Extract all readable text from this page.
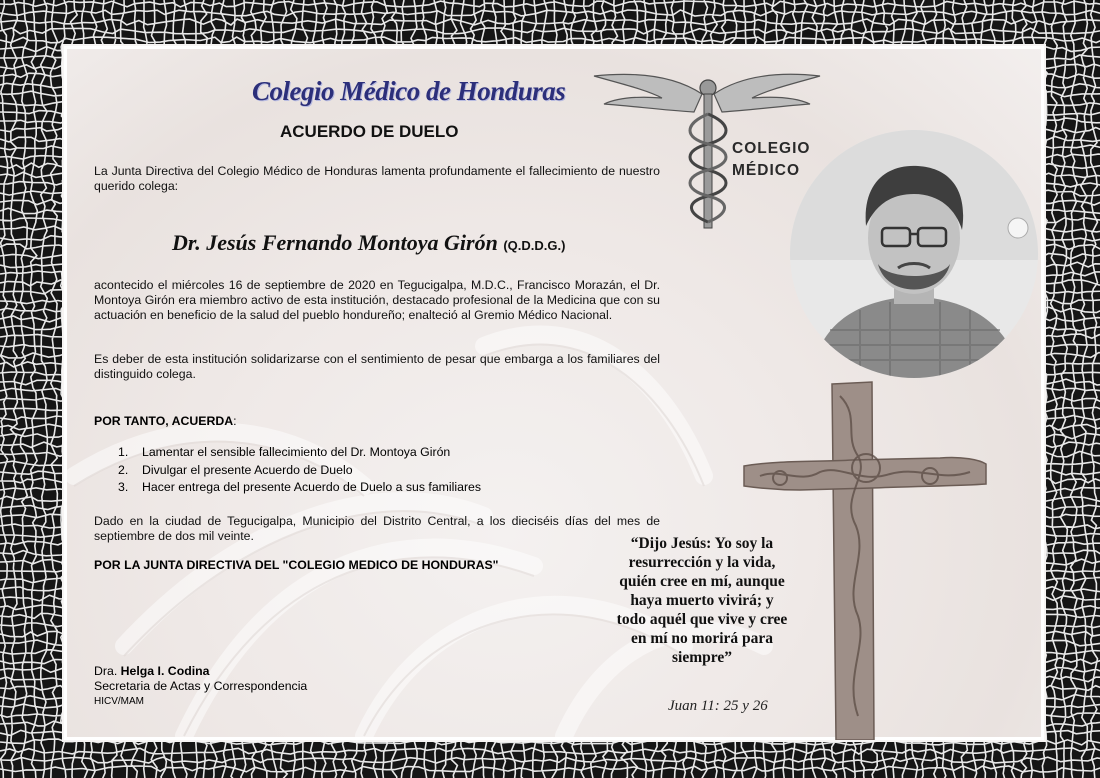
Colegio Médico de Honduras
ACUERDO DE DUELO
COLEGIO
MÉDICO
La Junta Directiva del Colegio Médico de Honduras lamenta profundamente el fallecimiento de nuestro querido colega:
Dr. Jesús Fernando Montoya Girón (Q.D.D.G.)
acontecido el miércoles 16 de septiembre de 2020 en Tegucigalpa, M.D.C., Francisco Morazán, el Dr. Montoya Girón era miembro activo de esta institución, destacado profesional de la Medicina que con su actuación en beneficio de la salud del pueblo hondureño; enalteció al Gremio Médico Nacional.
Es deber de esta institución solidarizarse con el sentimiento de pesar que embarga a los familiares del distinguido colega.
POR TANTO, ACUERDA:
1. Lamentar el sensible fallecimiento del Dr. Montoya Girón
2. Divulgar el presente Acuerdo de Duelo
3. Hacer entrega del presente Acuerdo de Duelo a sus familiares
Dado en la ciudad de Tegucigalpa, Municipio del Distrito Central, a los dieciséis días del mes de septiembre de dos mil veinte.
POR LA JUNTA DIRECTIVA DEL "COLEGIO MEDICO DE HONDURAS"
Dra. Helga I. Codina
Secretaria de Actas y Correspondencia
HICV/MAM
“Dijo Jesús: Yo soy la resurrección y la vida, quién cree en mí, aunque haya muerto vivirá; y todo aquél que vive y cree en mí no morirá para siempre”
Juan 11: 25 y 26
